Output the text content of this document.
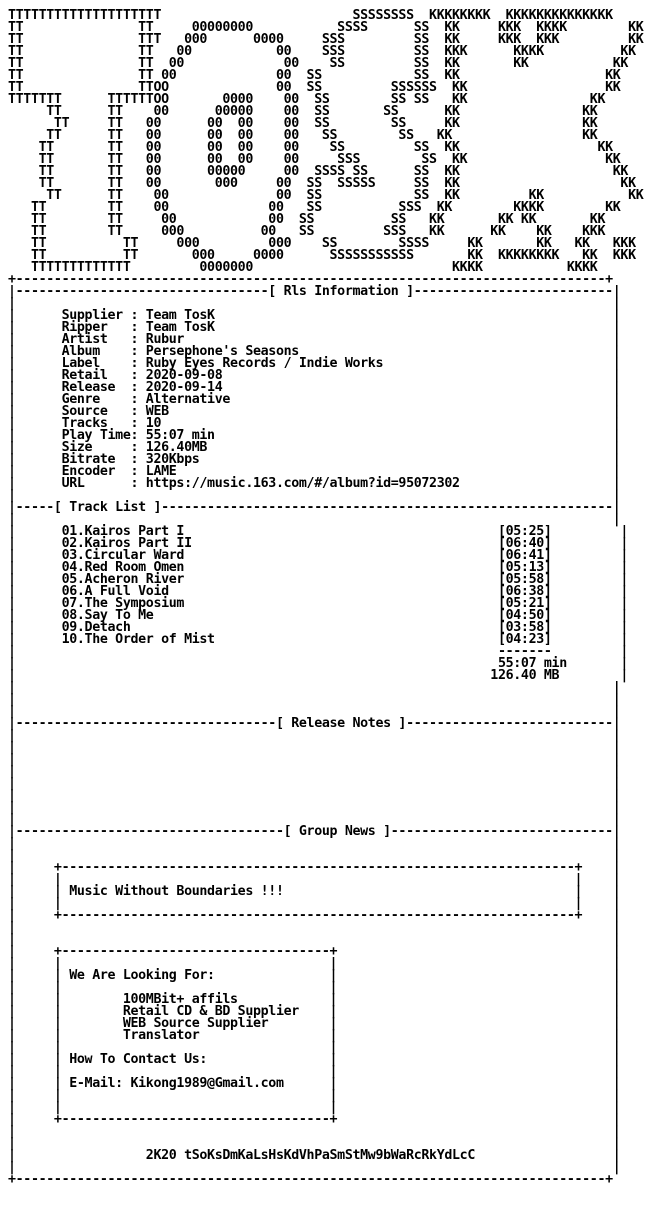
TTTTTTTTTTTTTTTTTTTT                         SSSSSSSS  KKKKKKKK  KKKKKKKKKKKKKK
TT               TT     00000000           SSSS      SS  KK     KKK  KKKK        KK
TT               TTT   000      0000     SSS         SS  KK     KKK  KKK         KK
TT               TT   00           00    SSS         SS  KKK      KKKK          KK
TT               TT  00             00    SS         SS  KK       KK           KK
TT               TT 00             00  SS            SS  KK                   KK
TT               TTOO              00  SS         SSSSSS  KK                  KK
TTTTTTT      TTTTTTOO       0000    00  SS        SS SS   KK                KK
TT      TT    00      00000    00  SS       SS      KK                KK
TT     TT   00      00  00    00  SS        SS     KK                KK
TT      TT   00      00  00    00   SS        SS   KK                 KK
TT       TT   00      00  00    00    SS         SS  KK                  KK
TT       TT   00      00  00    00     SSS        SS  KK                  KK
TT       TT   00      00000     00  SSSS SS      SS  KK                    KK
TT       TT   00       000     00  SS  SSSSS     SS  KK                     KK
TT      TT    00              00  SS            SS  KK         KK           KK
TT        TT    00             00   SS          SSS  KK        KKKK        KK
TT        TT     00            00  SS          SS   KK       KK KK       KK
TT        TT     000          00   SS         SSS   KK      KK    KK    KKK
TT          TT     000         000    SS        SSSS     KK       KK   KK   KKK
TT          TT       000     0000      SSSSSSSSSSS       KK  KKKKKKKK   KK  KKK
TTTTTTTTTTTTT         0000000                          KKKK           KKKK
+-----------------------------------------------------------------------------+
|---------------------------------[ Rls Information ]--------------------------|
|                                                                              |
|      Supplier : Team TosK                                                    |
|      Ripper   : Team TosK                                                    |
|      Artist   : Rubur                                                        |
|      Album    : Persephone's Seasons                                         |
|      Label    : Ruby Eyes Records / Indie Works                              |
|      Retail   : 2020-09-08                                                   |
|      Release  : 2020-09-14                                                   |
|      Genre    : Alternative                                                  |
|      Source   : WEB                                                          |
|      Tracks   : 10                                                           |
|      Play Time: 55:07 min                                                    |
|      Size     : 126.40MB                                                     |
|      Bitrate  : 320Kbps                                                      |
|      Encoder  : LAME                                                         |
|      URL      : https://music.163.com/#/album?id=95072302                    |
|                                                                              |
|-----[ Track List ]-----------------------------------------------------------|
|                                                                              |
|      01.Kairos Part I                                         [05:25]         |
|      02.Kairos Part II                                        [06:40]         |
|      03.Circular Ward                                         [06:41]         |
|      04.Red Room Omen                                         [05:13]         |
|      05.Acheron River                                         [05:58]         |
|      06.A Full Void                                           [06:38]         |
|      07.The Symposium                                         [05:21]         |
|      08.Say To Me                                             [04:50]         |
|      09.Detach                                                [03:58]         |
|      10.The Order of Mist                                     [04:23]         |
|                                                               -------         |
|                                                               55:07 min       |
|                                                              126.40 MB        |
|                                                                              |
|                                                                              |
|                                                                              |
|----------------------------------[ Release Notes ]---------------------------|
|                                                                              |
|                                                                              |
|                                                                              |
|                                                                              |
|                                                                              |
|                                                                              |
|                                                                              |
|                                                                              |
|-----------------------------------[ Group News ]-----------------------------|
|                                                                              |
|                                                                              |
|     +-------------------------------------------------------------------+    |
|     |                                                                   |    |
|     | Music Without Boundaries !!!                                      |    |
|     |                                                                   |    |
|     +-------------------------------------------------------------------+    |
|                                                                              |
|                                                                              |
|     +-----------------------------------+                                    |
|     |                                   |                                    |
|     | We Are Looking For:               |                                    |
|     |                                   |                                    |
|     |        100MBit+ affils            |                                    |
|     |        Retail CD & BD Supplier    |                                    |
|     |        WEB Source Supplier        |                                    |
|     |        Translator                 |                                    |
|     |                                   |                                    |
|     | How To Contact Us:                |                                    |
|     |                                   |                                    |
|     | E-Mail: Kikong1989@Gmail.com      |                                    |
|     |                                   |                                    |
|     |                                   |                                    |
|     +-----------------------------------+                                    |
|                                                                              |
|                                                                              |
|                 2K20 tSoKsDmKaLsHsKdVhPaSmStMw9bWaRcRkYdLcC                  |
|                                                                              |
+-----------------------------------------------------------------------------+
